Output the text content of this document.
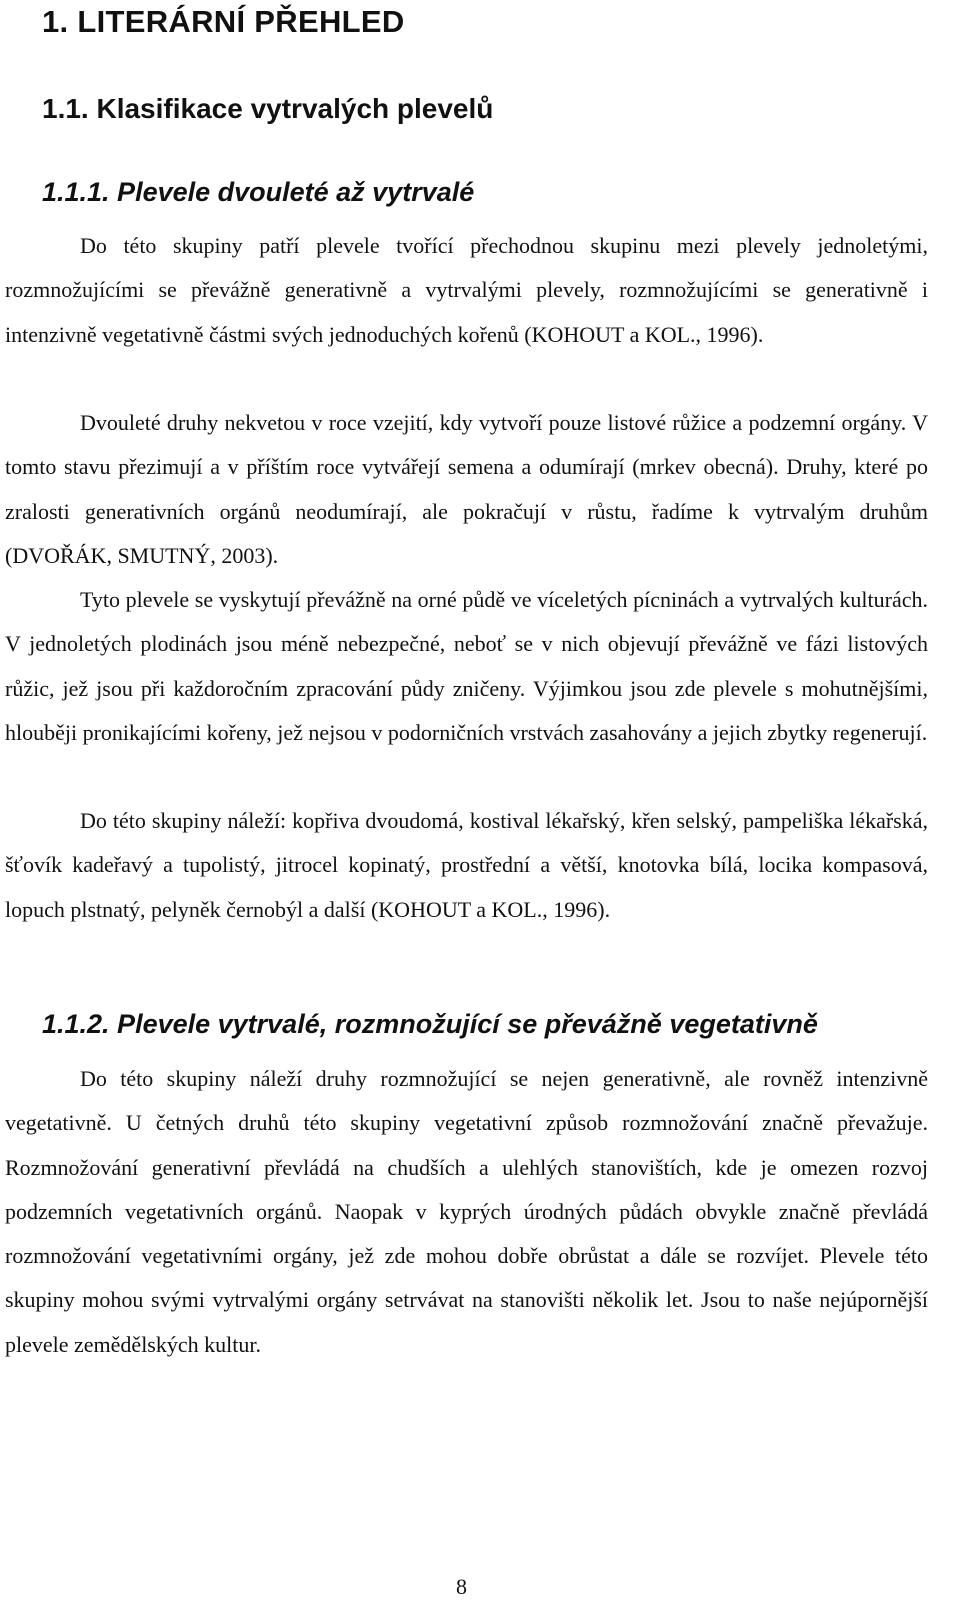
1. LITERÁRNÍ PŘEHLED
1.1. Klasifikace vytrvalých plevelů
1.1.1. Plevele dvouleté až vytrvalé

Do této skupiny patří plevele tvořící přechodnou skupinu mezi plevely jednoletými, rozmnožujícími se převážně generativně a vytrvalými plevely, rozmnožujícími se generativně i intenzivně vegetativně částmi svých jednoduchých kořenů (KOHOUT a KOL., 1996).

Dvouleté druhy nekvetou v roce vzejití, kdy vytvoří pouze listové růžice a podzemní orgány. V tomto stavu přezimují a v příštím roce vytvářejí semena a odumírají (mrkev obecná). Druhy, které po zralosti generativních orgánů neodumírají, ale pokračují v růstu, řadíme k vytrvalým druhům (DVOŘÁK, SMUTNÝ, 2003).

Tyto plevele se vyskytují převážně na orné půdě ve víceletých pícninách a vytrvalých kulturách. V jednoletých plodinách jsou méně nebezpečné, neboť se v nich objevují převážně ve fázi listových růžic, jež jsou při každoročním zpracování půdy zničeny. Výjimkou jsou zde plevele s mohutnějšími, hlouběji pronikajícími kořeny, jež nejsou v podorničních vrstvách zasahovány a jejich zbytky regenerují.

Do této skupiny náleží: kopřiva dvoudomá, kostival lékařský, křen selský, pampeliška lékařská, šťovík kadeřavý a tupolistý, jitrocel kopinatý, prostřední a větší, knotovka bílá, locika kompasová, lopuch plstnatý, pelyněk černobýl a další (KOHOUT a KOL., 1996).

1.1.2. Plevele vytrvalé, rozmnožující se převážně vegetativně

Do této skupiny náleží druhy rozmnožující se nejen generativně, ale rovněž intenzivně vegetativně. U četných druhů této skupiny vegetativní způsob rozmnožování značně převažuje. Rozmnožování generativní převládá na chudších a ulehlých stanovištích, kde je omezen rozvoj podzemních vegetativních orgánů. Naopak v kyprých úrodných půdách obvykle značně převládá rozmnožování vegetativními orgány, jež zde mohou dobře obrůstat a dále se rozvíjet. Plevele této skupiny mohou svými vytrvalými orgány setrvávat na stanovišti několik let. Jsou to naše nejúpornější plevele zemědělských kultur.

8
